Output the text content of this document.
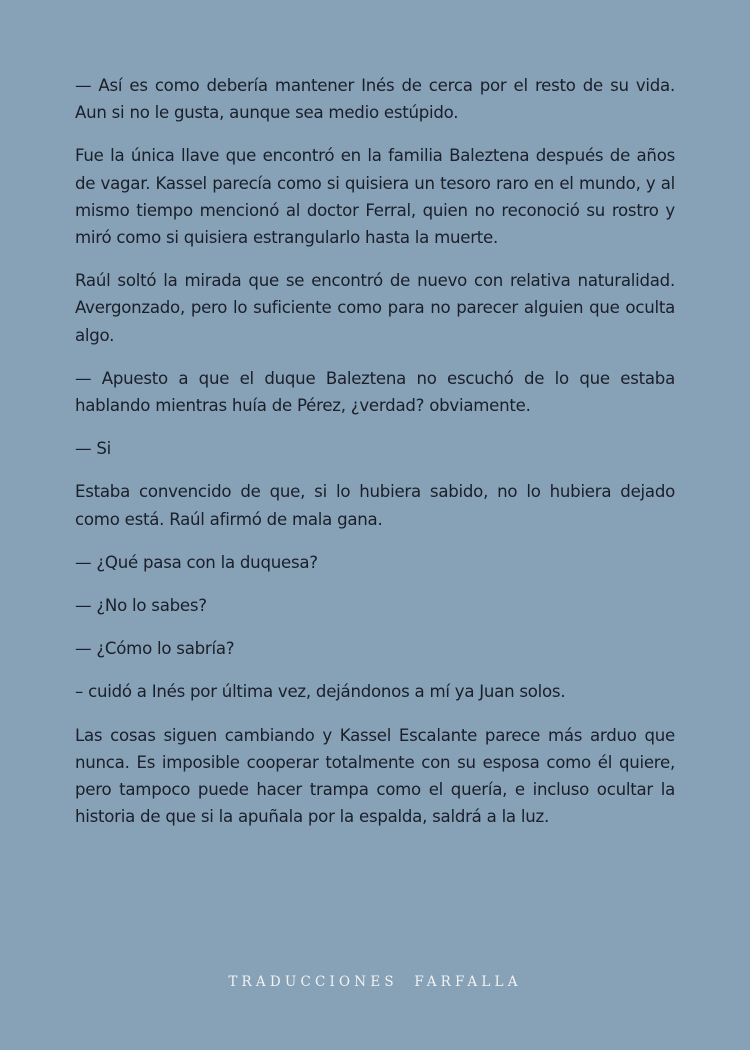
— Así es como debería mantener Inés de cerca por el resto de su vida. Aun si no le gusta, aunque sea medio estúpido.

Fue la única llave que encontró en la familia Baleztena después de años de vagar. Kassel parecía como si quisiera un tesoro raro en el mundo, y al mismo tiempo mencionó al doctor Ferral, quien no reconoció su rostro y miró como si quisiera estrangularlo hasta la muerte.

Raúl soltó la mirada que se encontró de nuevo con relativa naturalidad. Avergonzado, pero lo suficiente como para no parecer alguien que oculta algo.

— Apuesto a que el duque Baleztena no escuchó de lo que estaba hablando mientras huía de Pérez, ¿verdad? obviamente.

— Si

Estaba convencido de que, si lo hubiera sabido, no lo hubiera dejado como está. Raúl afirmó de mala gana.

— ¿Qué pasa con la duquesa?

— ¿No lo sabes?

— ¿Cómo lo sabría?

– cuidó a Inés por última vez, dejándonos a mí ya Juan solos.

Las cosas siguen cambiando y Kassel Escalante parece más arduo que nunca. Es imposible cooperar totalmente con su esposa como él quiere, pero tampoco puede hacer trampa como el quería, e incluso ocultar la historia de que si la apuñala por la espalda, saldrá a la luz.

TRADUCCIONES FARFALLA
